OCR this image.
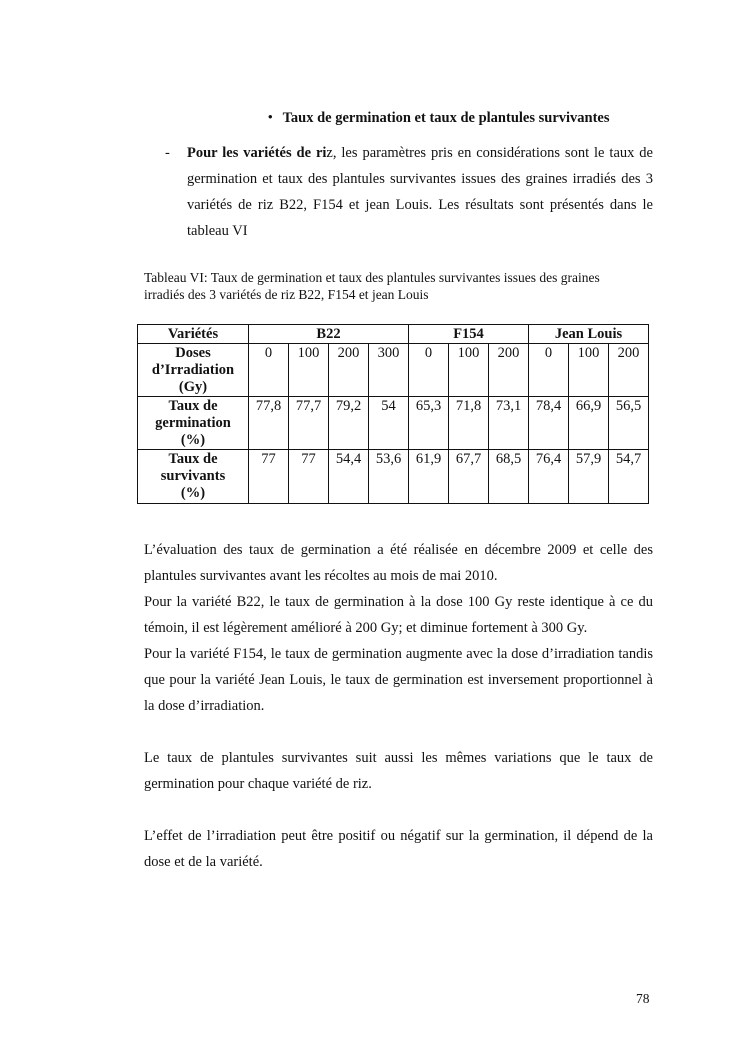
• Taux de germination et taux de plantules survivantes
- Pour les variétés de riz, les paramètres pris en considérations sont le taux de germination et taux des plantules survivantes issues des graines irradiés des 3 variétés de riz B22, F154 et jean Louis. Les résultats sont présentés dans le tableau VI

Tableau VI: Taux de germination et taux des plantules survivantes issues des graines irradiés des 3 variétés de riz B22, F154 et jean Louis

Variétés	B22				F154			Jean Louis		

Doses
d’Irradiation
(Gy)	0	100	200	300	0	100	200	0	100	200

Taux de
germination
(%)	77,8	77,7	79,2	54	65,3	71,8	73,1	78,4	66,9	56,5

Taux de
survivants
(%)	77	77	54,4	53,6	61,9	67,7	68,5	76,4	57,9	54,7

L’évaluation des taux de germination a été réalisée en décembre 2009 et celle des plantules survivantes avant les récoltes au mois de mai 2010.

Pour la variété B22, le taux de germination à la dose 100 Gy reste identique à ce du témoin, il est légèrement amélioré à 200 Gy; et diminue fortement à 300 Gy.

Pour la variété F154, le taux de germination augmente avec la dose d’irradiation tandis que pour la variété Jean Louis, le taux de germination est inversement proportionnel à la dose d’irradiation.

Le taux de plantules survivantes suit aussi les mêmes variations que le taux de germination pour chaque variété de riz.

L’effet de l’irradiation peut être positif ou négatif sur la germination, il dépend de la dose et de la variété.

78
